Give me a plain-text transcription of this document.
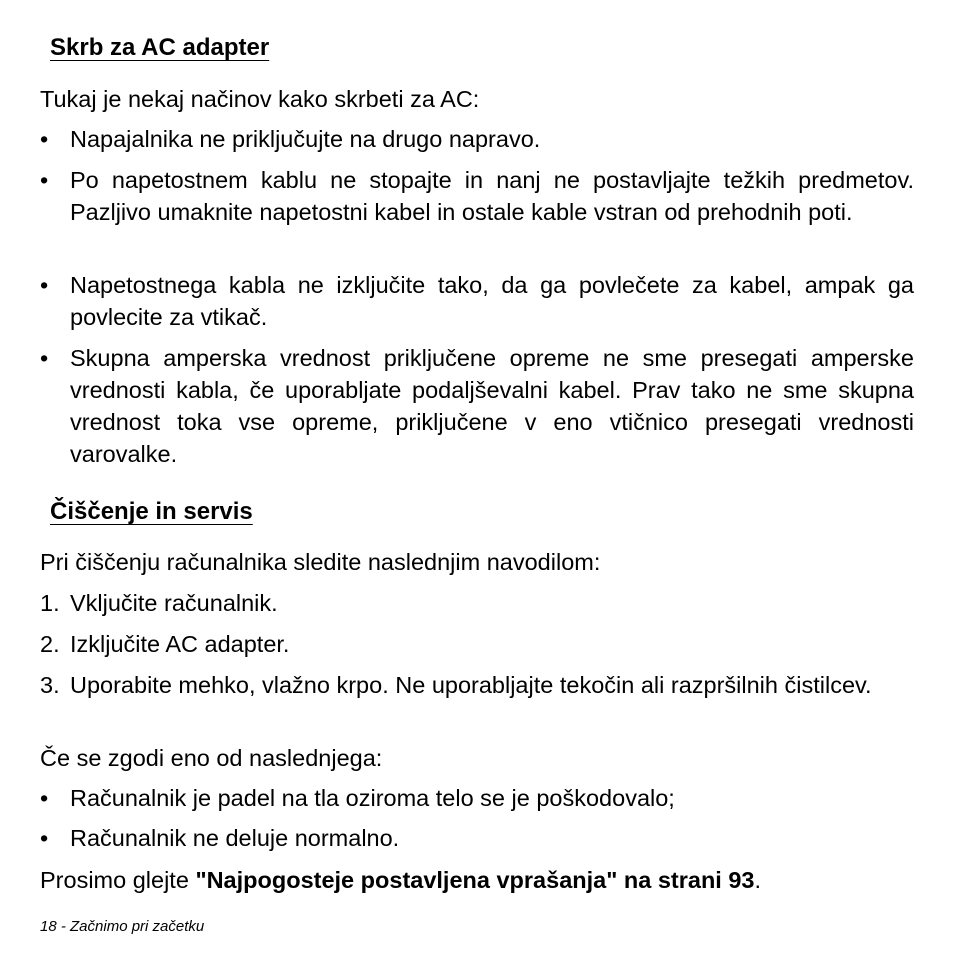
Skrb za AC adapter

Tukaj je nekaj načinov kako skrbeti za AC:

• Napajalnika ne priključujte na drugo napravo.
• Po napetostnem kablu ne stopajte in nanj ne postavljajte težkih predmetov. Pazljivo umaknite napetostni kabel in ostale kable vstran od prehodnih poti.
• Napetostnega kabla ne izključite tako, da ga povlečete za kabel, ampak ga povlecite za vtikač.
• Skupna amperska vrednost priključene opreme ne sme presegati amperske vrednosti kabla, če uporabljate podaljševalni kabel. Prav tako ne sme skupna vrednost toka vse opreme, priključene v eno vtičnico presegati vrednosti varovalke.
Čiščenje in servis

Pri čiščenju računalnika sledite naslednjim navodilom:

1. Vključite računalnik.
2. Izključite AC adapter.
3. Uporabite mehko, vlažno krpo. Ne uporabljajte tekočin ali razpršilnih čistilcev.

Če se zgodi eno od naslednjega:

• Računalnik je padel na tla oziroma telo se je poškodovalo;
• Računalnik ne deluje normalno.

Prosimo glejte "Najpogosteje postavljena vprašanja" na strani 93.

18 - Začnimo pri začetku
